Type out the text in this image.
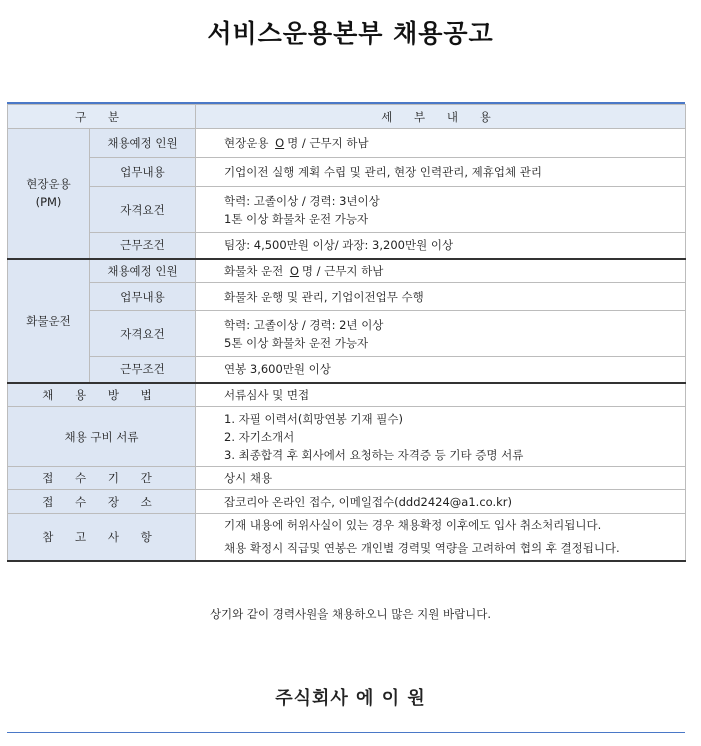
서비스운용본부 채용공고
구 분		세 부 내 용

현장운용
(PM)	채용예정 인원	현장운용 O 명 / 근무지 하남
	업무내용	기업이전 실행 계획 수립 및 관리, 현장 인력관리, 제휴업체 관리
	자격요건	학력: 고졸이상 / 경력: 3년이상
1톤 이상 화물차 운전 가능자

	근무조건	팀장: 4,500만원 이상/ 과장: 3,200만원 이상
화물운전	채용예정 인원	화물차 운전 O 명 / 근무지 하남
	업무내용	화물차 운행 및 관리, 기업이전업무 수행
	자격요건	학력: 고졸이상 / 경력: 2년 이상
5톤 이상 화물차 운전 가능자

	근무조건	연봉 3,600만원 이상
채 용 방 법		서류심사 및 면접
채용 구비 서류		1. 자필 이력서(희망연봉 기재 필수)
2. 자기소개서
3. 최종합격 후 회사에서 요청하는 자격증 등 기타 증명 서류

접 수 기 간		상시 채용
접 수 장 소		잡코리아 온라인 접수, 이메일접수(ddd2424@a1.co.kr)
참 고 사 항		기재 내용에 허위사실이 있는 경우 채용확정 이후에도 입사 취소처리됩니다.
채용 확정시 직급및 연봉은 개인별 경력및 역량을 고려하여 협의 후 결정됩니다.
상기와 같이 경력사원을 채용하오니 많은 지원 바랍니다.
주식회사 에 이 원
